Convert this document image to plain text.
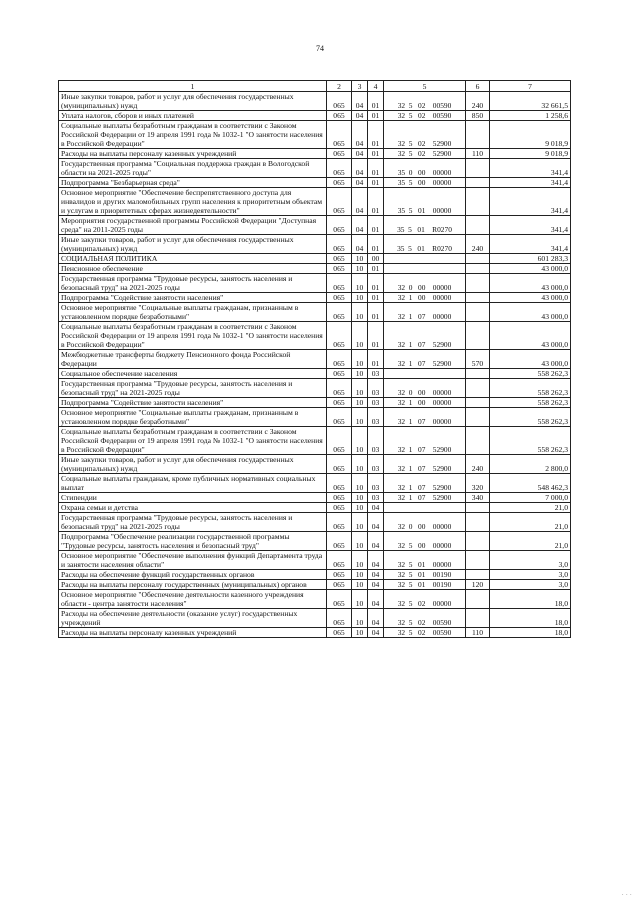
74
1	2	3	4	5	6	7
Иные закупки товаров, работ и услуг для обеспечения государственных (муниципальных) нужд	065	04	01	32  5   02    00590	240	32 661,5
Уплата налогов, сборов и иных платежей	065	04	01	32  5   02    00590	850	1 258,6
Социальные выплаты безработным гражданам в соответствии с Законом Российской Федерации от 19 апреля 1991 года № 1032-1 "О занятости населения в Российской Федерации"	065	04	01	32  5   02    52900		9 018,9
Расходы на выплаты персоналу казенных учреждений	065	04	01	32  5   02    52900	110	9 018,9
Государственная программа "Социальная поддержка граждан в Вологодской области на 2021-2025 годы"	065	04	01	35  0   00    00000		341,4
Подпрограмма "Безбарьерная среда"	065	04	01	35  5   00    00000		341,4
Основное мероприятие "Обеспечение беспрепятственного доступа для инвалидов и других маломобильных групп населения к приоритетным объектам и услугам в приоритетных сферах жизнедеятельности"	065	04	01	35  5   01    00000		341,4
Мероприятия государственной программы Российской Федерации "Доступная среда" на 2011-2025 годы	065	04	01	35  5   01    R0270		341,4
Иные закупки товаров, работ и услуг для обеспечения государственных (муниципальных) нужд	065	04	01	35  5   01    R0270	240	341,4
СОЦИАЛЬНАЯ ПОЛИТИКА	065	10	00			601 283,3
Пенсионное обеспечение	065	10	01			43 000,0
Государственная программа "Трудовые ресурсы, занятость населения и безопасный труд" на 2021-2025 годы	065	10	01	32  0   00    00000		43 000,0
Подпрограмма "Содействие занятости населения"	065	10	01	32  1   00    00000		43 000,0
Основное мероприятие "Социальные выплаты гражданам, признанным в установленном порядке безработными"	065	10	01	32  1   07    00000		43 000,0
Социальные выплаты безработным гражданам в соответствии с Законом Российской Федерации от 19 апреля 1991 года № 1032-1 "О занятости населения в Российской Федерации"	065	10	01	32  1   07    52900		43 000,0
Межбюджетные трансферты бюджету Пенсионного фонда Российской Федерации	065	10	01	32  1   07    52900	570	43 000,0
Социальное обеспечение населения	065	10	03			558 262,3
Государственная программа "Трудовые ресурсы, занятость населения и безопасный труд" на 2021-2025 годы	065	10	03	32  0   00    00000		558 262,3
Подпрограмма "Содействие занятости населения"	065	10	03	32  1   00    00000		558 262,3
Основное мероприятие "Социальные выплаты гражданам, признанным в установленном порядке безработными"	065	10	03	32  1   07    00000		558 262,3
Социальные выплаты безработным гражданам в соответствии с Законом Российской Федерации от 19 апреля 1991 года № 1032-1 "О занятости населения в Российской Федерации"	065	10	03	32  1   07    52900		558 262,3
Иные закупки товаров, работ и услуг для обеспечения государственных (муниципальных) нужд	065	10	03	32  1   07    52900	240	2 800,0
Социальные выплаты гражданам, кроме публичных нормативных социальных выплат	065	10	03	32  1   07    52900	320	548 462,3
Стипендии	065	10	03	32  1   07    52900	340	7 000,0
Охрана семьи и детства	065	10	04			21,0
Государственная программа "Трудовые ресурсы, занятость населения и безопасный труд" на 2021-2025 годы	065	10	04	32  0   00    00000		21,0
Подпрограмма "Обеспечение реализации государственной программы "Трудовые ресурсы, занятость населения и безопасный труд"	065	10	04	32  5   00    00000		21,0
Основное мероприятие "Обеспечение выполнения функций Департамента труда и занятости населения области"	065	10	04	32  5   01    00000		3,0
Расходы на обеспечение функций государственных органов	065	10	04	32  5   01    00190		3,0
Расходы на выплаты персоналу государственных (муниципальных) органов	065	10	04	32  5   01    00190	120	3,0
Основное мероприятие "Обеспечение деятельности казенного учреждения области - центра занятости населения"	065	10	04	32  5   02    00000		18,0
Расходы на обеспечение деятельности (оказание услуг) государственных учреждений	065	10	04	32  5   02    00590		18,0
Расходы на выплаты персоналу казенных учреждений	065	10	04	32  5   02    00590	110	18,0
· · ·
